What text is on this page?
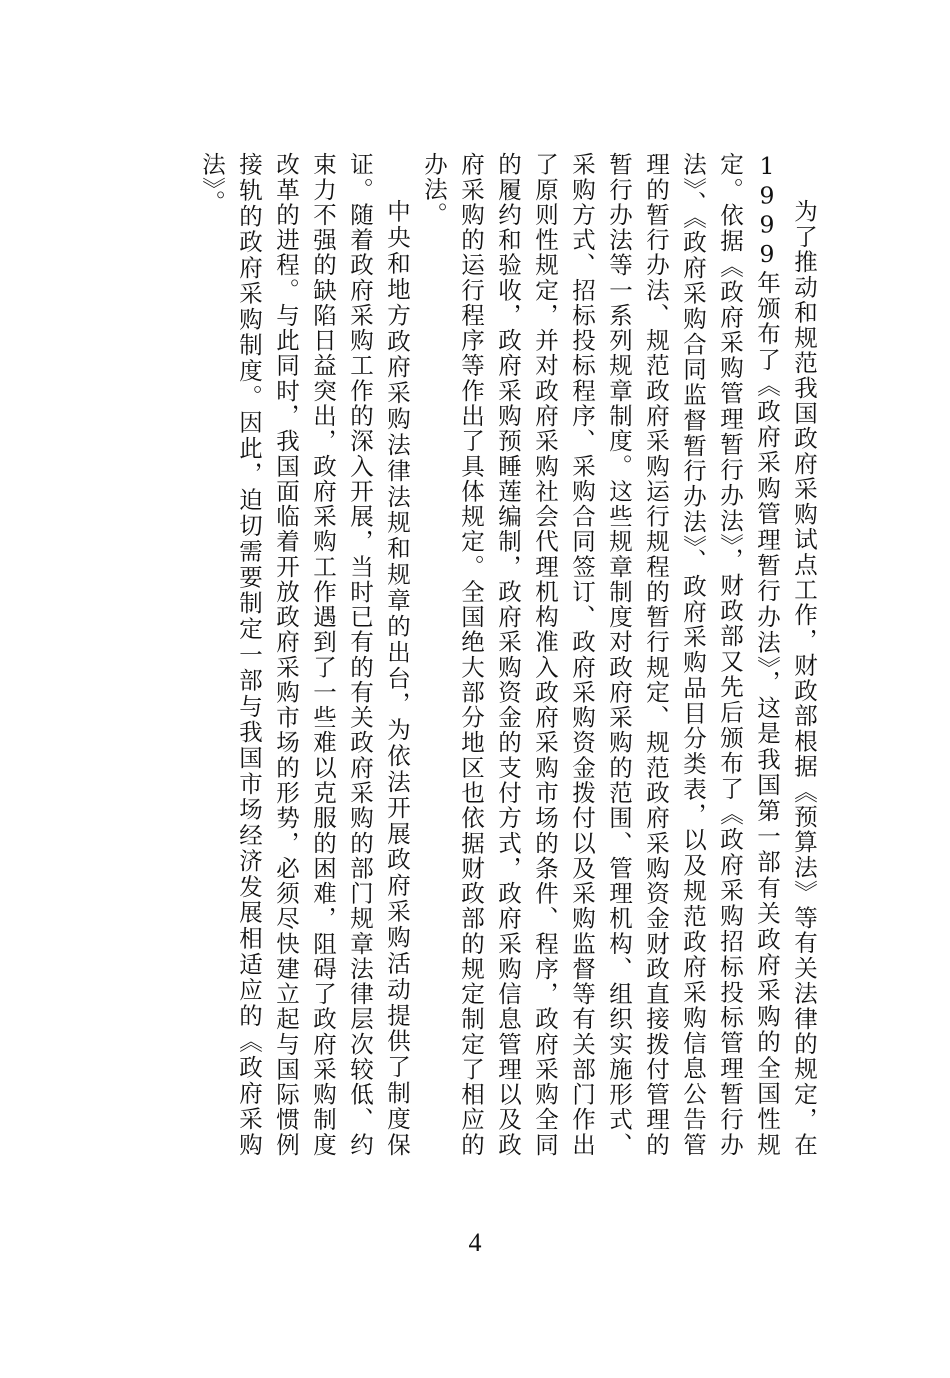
为了推动和规范我国政府采购试点工作，财政部根据《预算法》等有关法律的规定，在1999年颁布了《政府采购管理暂行办法》，这是我国第一部有关政府采购的全国性规定。依据《政府采购管理暂行办法》，财政部又先后颁布了《政府采购招标投标管理暂行办法》、《政府采购合同监督暂行办法》、政府采购品目分类表，以及规范政府采购信息公告管理的暂行办法、规范政府采购运行规程的暂行规定、规范政府采购资金财政直接拨付管理的暂行办法等一系列规章制度。这些规章制度对政府采购的范围、管理机构、组织实施形式、采购方式、招标投标程序、采购合同签订、政府采购资金拨付以及采购监督等有关部门作出了原则性规定，并对政府采购社会代理机构准入政府采购市场的条件、程序，政府采购全同的履约和验收，政府采购预睡莲编制，政府采购资金的支付方式，政府采购信息管理以及政府采购的运行程序等作出了具体规定。全国绝大部分地区也依据财政部的规定制定了相应的办法。

中央和地方政府采购法律法规和规章的出台，为依法开展政府采购活动提供了制度保证。随着政府采购工作的深入开展，当时已有的有关政府采购的部门规章法律层次较低、约束力不强的缺陷日益突出，政府采购工作遇到了一些难以克服的困难，阻碍了政府采购制度改革的进程。与此同时，我国面临着开放政府采购市场的形势，必须尽快建立起与国际惯例接轨的政府采购制度。因此，迫切需要制定一部与我国市场经济发展相适应的《政府采购法》。

4
